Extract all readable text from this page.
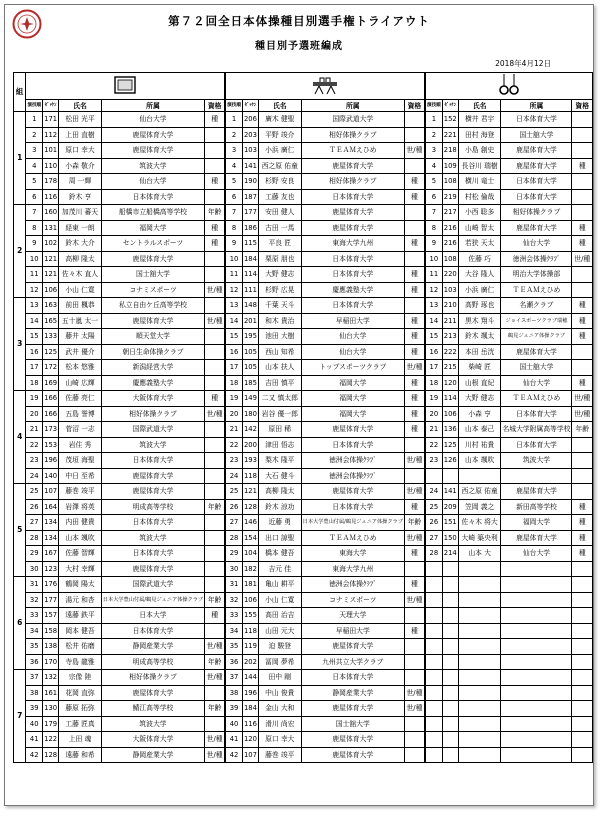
第７２回全日本体操種目別選手権トライアウト
種目別予選班編成
2018年4月12日
組			
	演技順	ｾﾞｯｹﾝ	氏名	所属	資格	演技順	ｾﾞｯｹﾝ	氏名	所属	資格	演技順	ｾﾞｯｹﾝ	氏名	所属	資格
1	1	171	松田 光平	仙台大学	種	1	206	廣木 健聖	国際武道大学		1	152	横井 君宇	日本体育大学	
	2	112	上田 直樹	鹿屋体育大学		2	203	平野 竣介	相好体操クラブ		2	221	田村 海登	国士舘大学	
	3	101	原口 幸大	鹿屋体育大学		3	103	小浜 廣仁	ＴＥＡＭえひめ	世/種	3	218	小島 創史	鹿屋体育大学	
	4	110	小森 敬介	筑波大学		4	141	西之原 佑童	鹿屋体育大学		4	109	長谷川 瑞樹	鹿屋体育大学	種
	5	178	周 一輝	仙台大学	種	5	190	杉野 安良	相好体操クラブ	種	5	108	横川 竜士	日本体育大学	
	6	116	鈴木 亨	日本体育大学		6	187	工藤 友也	日本体育大学	種	6	219	村松 倫哉	日本体育大学	
2	7	160	加茂川 蕃天	船橋市立船橋高等学校	年齢	7	177	安田 健人	鹿屋体育大学		7	217	小西 聡多	相好体操クラブ	
	8	131	経東 一朗	福岡大学	種	8	186	古田 一馬	鹿屋体育大学		8	216	山崎 智太	鹿屋体育大学	種
	9	102	鈴木 大介	セントラルスポーツ	種	9	115	平良 匠	東海大学九州	種	9	216	若狭 天太	仙台大学	種
	10	121	高柳 隆太	鹿屋体育大学		10	184	栗原 朋也	日本体育大学		10	108	佐藤 巧	徳洲会体操ｸﾗﾌﾞ	世/種
	11	121	佐々木 直人	国士舘大学		11	114	大野 健志	日本体育大学	種	11	220	大谷 隆人	明治大学体操部	
	12	106	小山 仁寛	コナミスポーツ	世/種	12	111	杉野 広晃	慶應義塾大学	種	12	103	小浜 廣仁	ＴＥＡＭえひめ	
3	13	163	前田 楓恭	私立自由ケ丘高等学校		13	148	千葉 天斗	日本体育大学		13	210	高野 琢也	名瀬クラブ	種
	14	165	五十嵐 太一	鹿屋体育大学	世/種	14	201	和木 貴治	早稲田大学	種	14	211	黒木 翔斗	ジョイスポーツクラブ瑞穂	種
	15	133	藤井 太陽	順天堂大学		15	195	池田 大樹	仙台大学	種	15	213	鈴木 颯太	鶴見ジュニア体操クラブ	種
	16	125	武井 優介	朝日生命体操クラブ		16	105	西山 知希	仙台大学	種	16	222	本田 岳洸	鹿屋体育大学	
	17	172	松本 悠雅	新潟経営大学		17	105	山本 扶人	トップスポーツクラブ	世/種	17	215	柴崎 匠	国士舘大学	
	18	169	山崎 広輝	慶應義塾大学		18	185	吉田 慎平	福岡大学	種	18	120	山根 直紀	仙台大学	種
4	19	166	佐藤 亮仁	大阪体育大学	種	19	149	二又 慎太郎	福岡大学	種	19	114	大野 健志	ＴＥＡＭえひめ	世/種
	20	166	五島 誉博	相好体操クラブ	世/種	20	180	岩谷 優一郎	福岡大学	種	20	106	小森 亨	日本体育大学	世/種
	21	173	菅沼 一志	国際武道大学		21	142	原田 稀	鹿屋体育大学	種	21	136	山本 泰己	名城大学附属高等学校	年齢
	22	153	岩住 秀	筑波大学		22	200	津田 悟志	日本体育大学		22	125	川村 祐貴	日本体育大学	
	23	196	茂垣 海聖	日本体育大学		23	193	梨木 隆平	徳洲会体操ｸﾗﾌﾞ	世/種	23	126	山本 颯吹	筑波大学	
	24	140	中日 至希	鹿屋体育大学		24	118	大石 健斗	徳洲会体操ｸﾗﾌﾞ						
5	25	107	藤巻 竣平	鹿屋体育大学		25	121	高柳 隆太	鹿屋体育大学	世/種	24	141	西之原 佑童	鹿屋体育大学	
	26	164	岩澤 将英	明成高等学校	年齢	26	128	鈴木 涼功	日本体育大学	種	25	209	笠岡 義之	新田高等学校	種
	27	134	内田 健貴	日本体育大学		27	146	近藤 勇	日本大学豊山付属/鶴見ジュニア体操クラブ	年齢	26	151	佐々木 将大	福岡大学	種
	28	134	山本 颯吹	筑波大学		28	154	出口 諒聖	ＴＥＡＭえひめ	世/種	27	150	大崎 築央利	鹿屋体育大学	種
	29	167	佐藤 智輝	日本体育大学		29	104	橋本 健吾	東海大学	種	28	214	山本 大	仙台大学	種
	30	123	大村 幸輝	鹿屋体育大学		30	182	吉元 佳	東海大学九州						
6	31	176	鶴岡 陽太	国際武道大学		31	181	亀山 耕平	徳洲会体操ｸﾗﾌﾞ	種					
	32	177	湯元 和杏	日本大学豊山付属/鶴見ジュニア体操クラブ	年齢	32	106	小山 仁寛	コナミスポーツ	世/種					
	33	157	遠藤 鉄平	日本大学	種	33	155	高田 治吉	天理大学						
	34	158	岡本 健吾	日本体育大学		34	118	山田 元大	早稲田大学	種					
	35	138	松井 佑磨	静岡産業大学	世/種	35	119	迫 駿登	鹿屋体育大学						
	36	170	寺島 龍雅	明成高等学校	年齢	36	202	冨岡 夢希	九州共立大学クラブ						
7	37	132	宗像 陸	相好体操クラブ	世/種	37	144	田中 剛	日本体育大学						
	38	161	花岡 直弥	鹿屋体育大学		38	196	中山 俊貴	静岡産業大学	世/種					
	39	130	藤原 拓弥	鯖江高等学校	年齢	39	184	金山 大和	鹿屋体育大学	世/種					
	40	179	工藤 匠真	筑波大学		40	116	滑川 尚宏	国士舘大学						
	41	122	上田 魂	大阪体育大学	世/種	41	120	原口 幸大	鹿屋体育大学						
	42	128	遠藤 和希	静岡産業大学	世/種	42	107	藤巻 竣平	鹿屋体育大学						
